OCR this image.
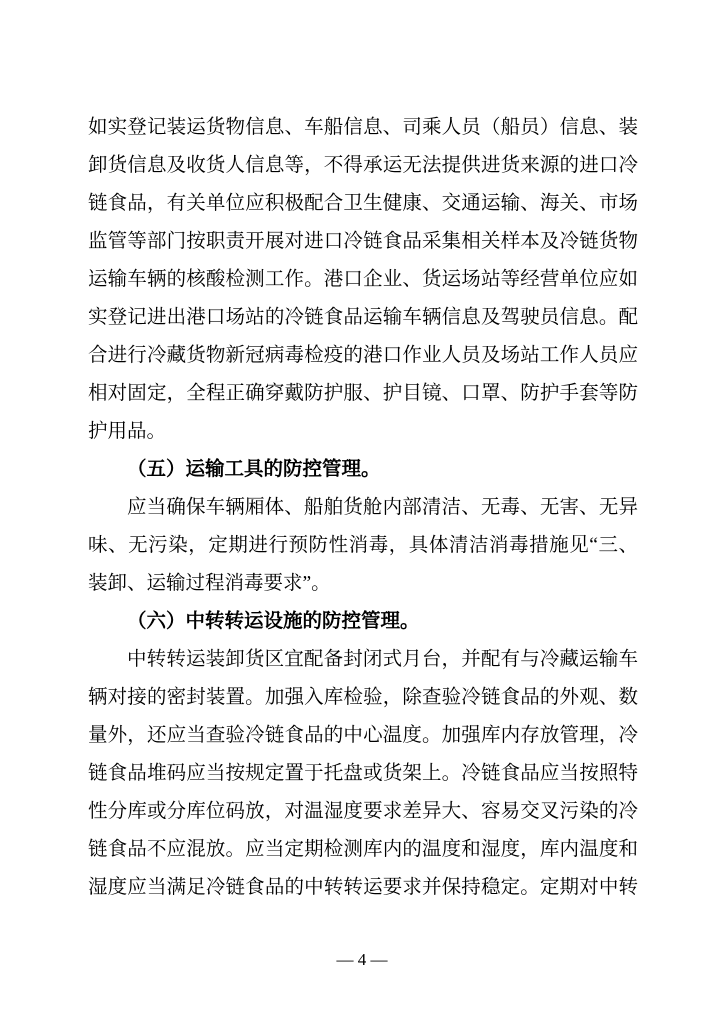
如实登记装运货物信息、车船信息、司乘人员（船员）信息、装
卸货信息及收货人信息等，不得承运无法提供进货来源的进口冷
链食品，有关单位应积极配合卫生健康、交通运输、海关、市场
监管等部门按职责开展对进口冷链食品采集相关样本及冷链货物
运输车辆的核酸检测工作。港口企业、货运场站等经营单位应如
实登记进出港口场站的冷链食品运输车辆信息及驾驶员信息。配
合进行冷藏货物新冠病毒检疫的港口作业人员及场站工作人员应
相对固定，全程正确穿戴防护服、护目镜、口罩、防护手套等防
护用品。
（五）运输工具的防控管理。
应当确保车辆厢体、船舶货舱内部清洁、无毒、无害、无异
味、无污染，定期进行预防性消毒，具体清洁消毒措施见“三、
装卸、运输过程消毒要求”。
（六）中转转运设施的防控管理。
中转转运装卸货区宜配备封闭式月台，并配有与冷藏运输车
辆对接的密封装置。加强入库检验，除查验冷链食品的外观、数
量外，还应当查验冷链食品的中心温度。加强库内存放管理，冷
链食品堆码应当按规定置于托盘或货架上。冷链食品应当按照特
性分库或分库位码放，对温湿度要求差异大、容易交叉污染的冷
链食品不应混放。应当定期检测库内的温度和湿度，库内温度和
湿度应当满足冷链食品的中转转运要求并保持稳定。定期对中转
— 4 —
